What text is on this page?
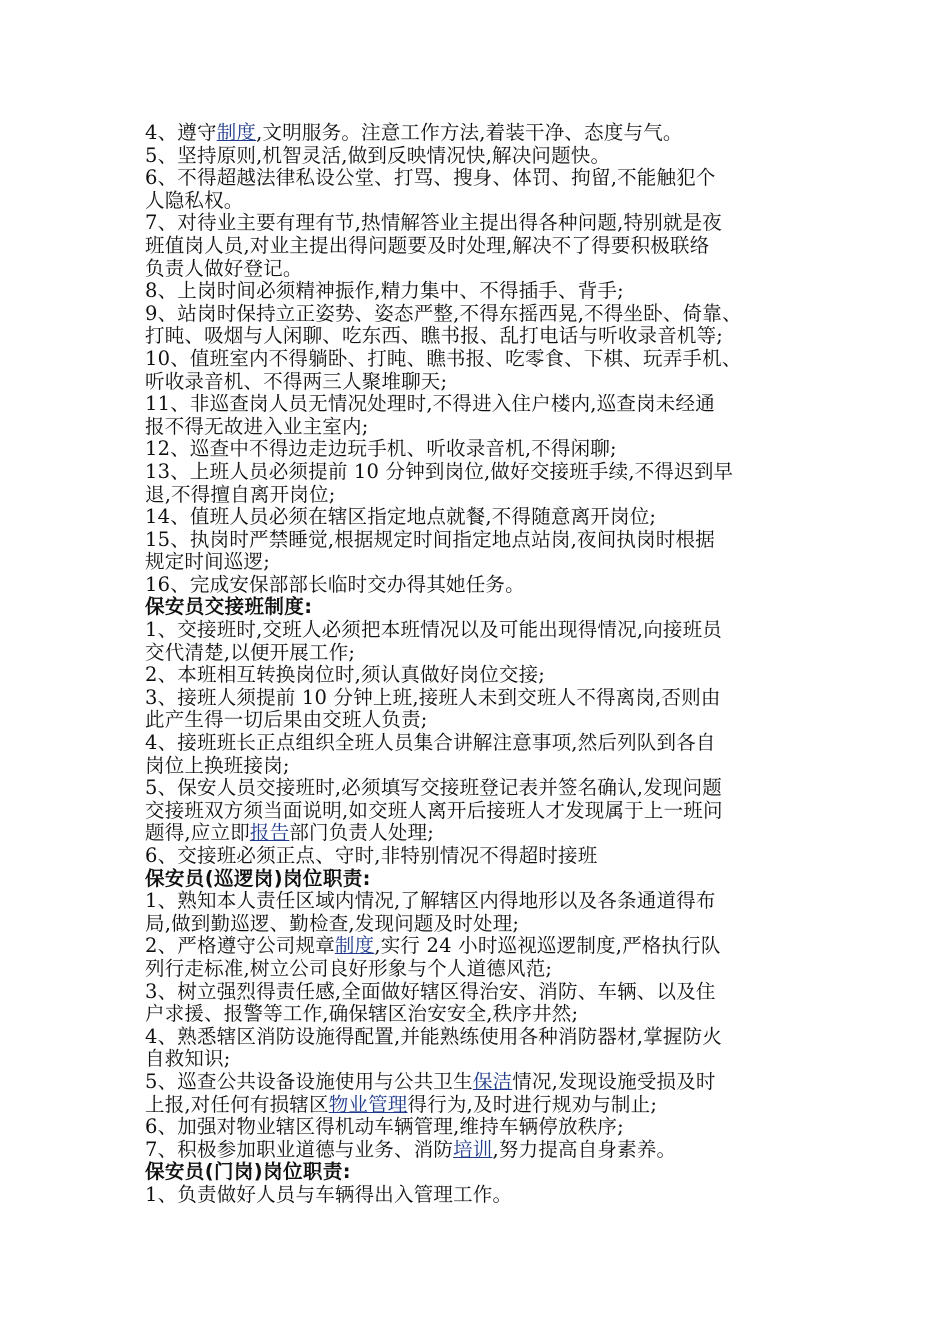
4、遵守制度,文明服务。注意工作方法,着装干净、态度与气。
5、坚持原则,机智灵活,做到反映情况快,解决问题快。
6、不得超越法律私设公堂、打骂、搜身、体罚、拘留,不能触犯个
人隐私权。
7、对待业主要有理有节,热情解答业主提出得各种问题,特别就是夜
班值岗人员,对业主提出得问题要及时处理,解决不了得要积极联络
负责人做好登记。
8、上岗时间必须精神振作,精力集中、不得插手、背手;
9、站岗时保持立正姿势、姿态严整,不得东摇西晃,不得坐卧、倚靠、
打盹、吸烟与人闲聊、吃东西、瞧书报、乱打电话与听收录音机等;
10、值班室内不得躺卧、打盹、瞧书报、吃零食、下棋、玩弄手机、
听收录音机、不得两三人聚堆聊天;
11、非巡查岗人员无情况处理时,不得进入住户楼内,巡查岗未经通
报不得无故进入业主室内;
12、巡查中不得边走边玩手机、听收录音机,不得闲聊;
13、上班人员必须提前 10 分钟到岗位,做好交接班手续,不得迟到早
退,不得擅自离开岗位;
14、值班人员必须在辖区指定地点就餐,不得随意离开岗位;
15、执岗时严禁睡觉,根据规定时间指定地点站岗,夜间执岗时根据
规定时间巡逻;
16、完成安保部部长临时交办得其她任务。
保安员交接班制度:
1、交接班时,交班人必须把本班情况以及可能出现得情况,向接班员
交代清楚,以便开展工作;
2、本班相互转换岗位时,须认真做好岗位交接;
3、接班人须提前 10 分钟上班,接班人未到交班人不得离岗,否则由
此产生得一切后果由交班人负责;
4、接班班长正点组织全班人员集合讲解注意事项,然后列队到各自
岗位上换班接岗;
5、保安人员交接班时,必须填写交接班登记表并签名确认,发现问题
交接班双方须当面说明,如交班人离开后接班人才发现属于上一班问
题得,应立即报告部门负责人处理;
6、交接班必须正点、守时,非特别情况不得超时接班
保安员(巡逻岗)岗位职责:
1、熟知本人责任区域内情况,了解辖区内得地形以及各条通道得布
局,做到勤巡逻、勤检查,发现问题及时处理;
2、严格遵守公司规章制度,实行 24 小时巡视巡逻制度,严格执行队
列行走标准,树立公司良好形象与个人道德风范;
3、树立强烈得责任感,全面做好辖区得治安、消防、车辆、以及住
户求援、报警等工作,确保辖区治安安全,秩序井然;
4、熟悉辖区消防设施得配置,并能熟练使用各种消防器材,掌握防火
自救知识;
5、巡查公共设备设施使用与公共卫生保洁情况,发现设施受损及时
上报,对任何有损辖区物业管理得行为,及时进行规劝与制止;
6、加强对物业辖区得机动车辆管理,维持车辆停放秩序;
7、积极参加职业道德与业务、消防培训,努力提高自身素养。
保安员(门岗)岗位职责:
1、负责做好人员与车辆得出入管理工作。
